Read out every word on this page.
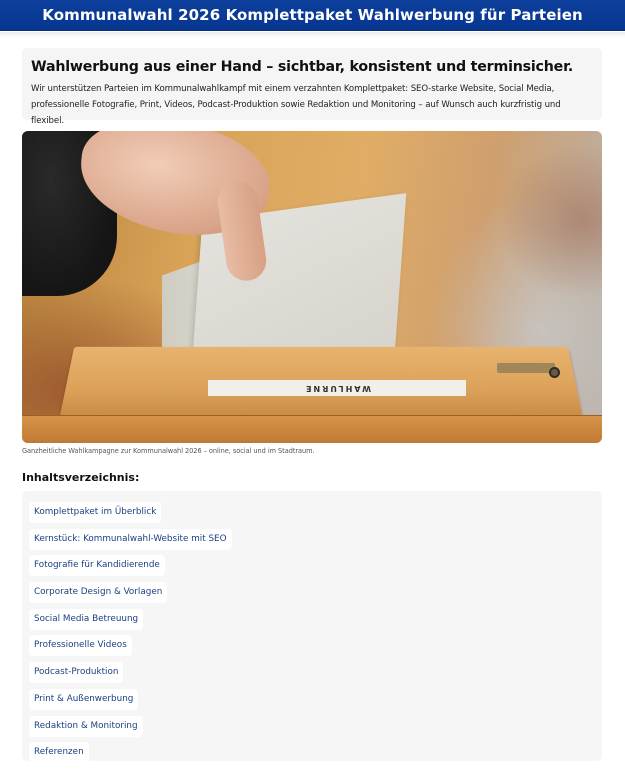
Kommunalwahl 2026 Komplettpaket Wahlwerbung für Parteien
Wahlwerbung aus einer Hand – sichtbar, konsistent und terminsicher.

Wir unterstützen Parteien im Kommunalwahlkampf mit einem verzahnten Komplettpaket: SEO-starke Website, Social Media, professionelle Fotografie, Print, Videos, Podcast-Produktion sowie Redaktion und Monitoring – auf Wunsch auch kurzfristig und flexibel.

WAHLURNE
Ganzheitliche Wahlkampagne zur Kommunalwahl 2026 – online, social und im Stadtraum.
Inhaltsverzeichnis:
Komplettpaket im Überblick
Kernstück: Kommunalwahl-Website mit SEO
Fotografie für Kandidierende
Corporate Design & Vorlagen
Social Media Betreuung
Professionelle Videos
Podcast-Produktion
Print & Außenwerbung
Redaktion & Monitoring
Referenzen
